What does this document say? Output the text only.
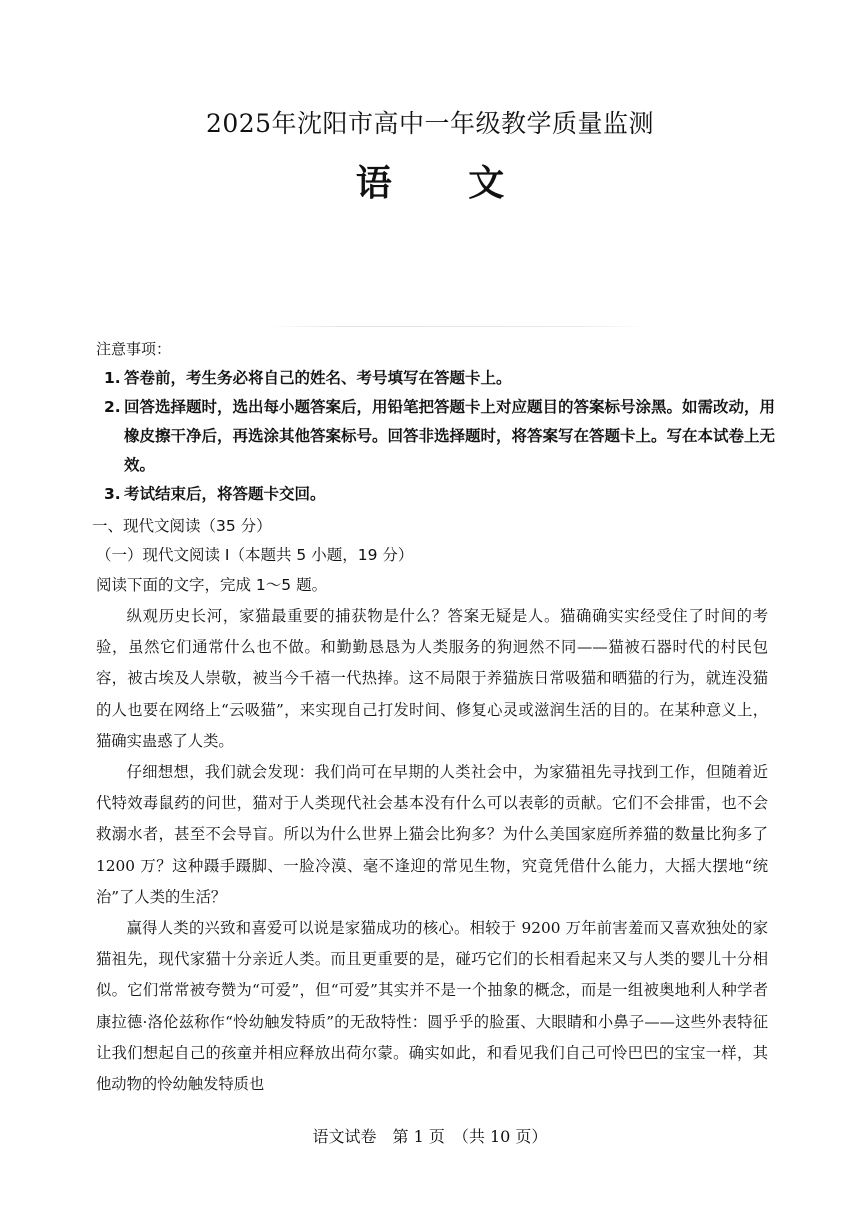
2025年沈阳市高中一年级教学质量监测
语 文

注意事项：

1. 答卷前，考生务必将自己的姓名、考号填写在答题卡上。
2. 回答选择题时，选出每小题答案后，用铅笔把答题卡上对应题目的答案标号涂黑。如需改动，用橡皮擦干净后，再选涂其他答案标号。回答非选择题时，将答案写在答题卡上。写在本试卷上无效。
3. 考试结束后，将答题卡交回。
一、现代文阅读（35 分）
（一）现代文阅读 I（本题共 5 小题，19 分）

阅读下面的文字，完成 1～5 题。

纵观历史长河，家猫最重要的捕获物是什么？答案无疑是人。猫确确实实经受住了时间的考验，虽然它们通常什么也不做。和勤勤恳恳为人类服务的狗迥然不同——猫被石器时代的村民包容，被古埃及人崇敬，被当今千禧一代热捧。这不局限于养猫族日常吸猫和晒猫的行为，就连没猫的人也要在网络上“云吸猫”，来实现自己打发时间、修复心灵或滋润生活的目的。在某种意义上，猫确实蛊惑了人类。

仔细想想，我们就会发现：我们尚可在早期的人类社会中，为家猫祖先寻找到工作，但随着近代特效毒鼠药的问世，猫对于人类现代社会基本没有什么可以表彰的贡献。它们不会排雷，也不会救溺水者，甚至不会导盲。所以为什么世界上猫会比狗多？为什么美国家庭所养猫的数量比狗多了 1200 万？这种蹑手蹑脚、一脸冷漠、毫不逢迎的常见生物，究竟凭借什么能力，大摇大摆地“统治”了人类的生活？

赢得人类的兴致和喜爱可以说是家猫成功的核心。相较于 9200 万年前害羞而又喜欢独处的家猫祖先，现代家猫十分亲近人类。而且更重要的是，碰巧它们的长相看起来又与人类的婴儿十分相似。它们常常被夸赞为“可爱”，但“可爱”其实并不是一个抽象的概念，而是一组被奥地利人种学者康拉德·洛伦兹称作“怜幼触发特质”的无敌特性：圆乎乎的脸蛋、大眼睛和小鼻子——这些外表特征让我们想起自己的孩童并相应释放出荷尔蒙。确实如此，和看见我们自己可怜巴巴的宝宝一样，其他动物的怜幼触发特质也

语文试卷　第 1 页　（共 10 页）
